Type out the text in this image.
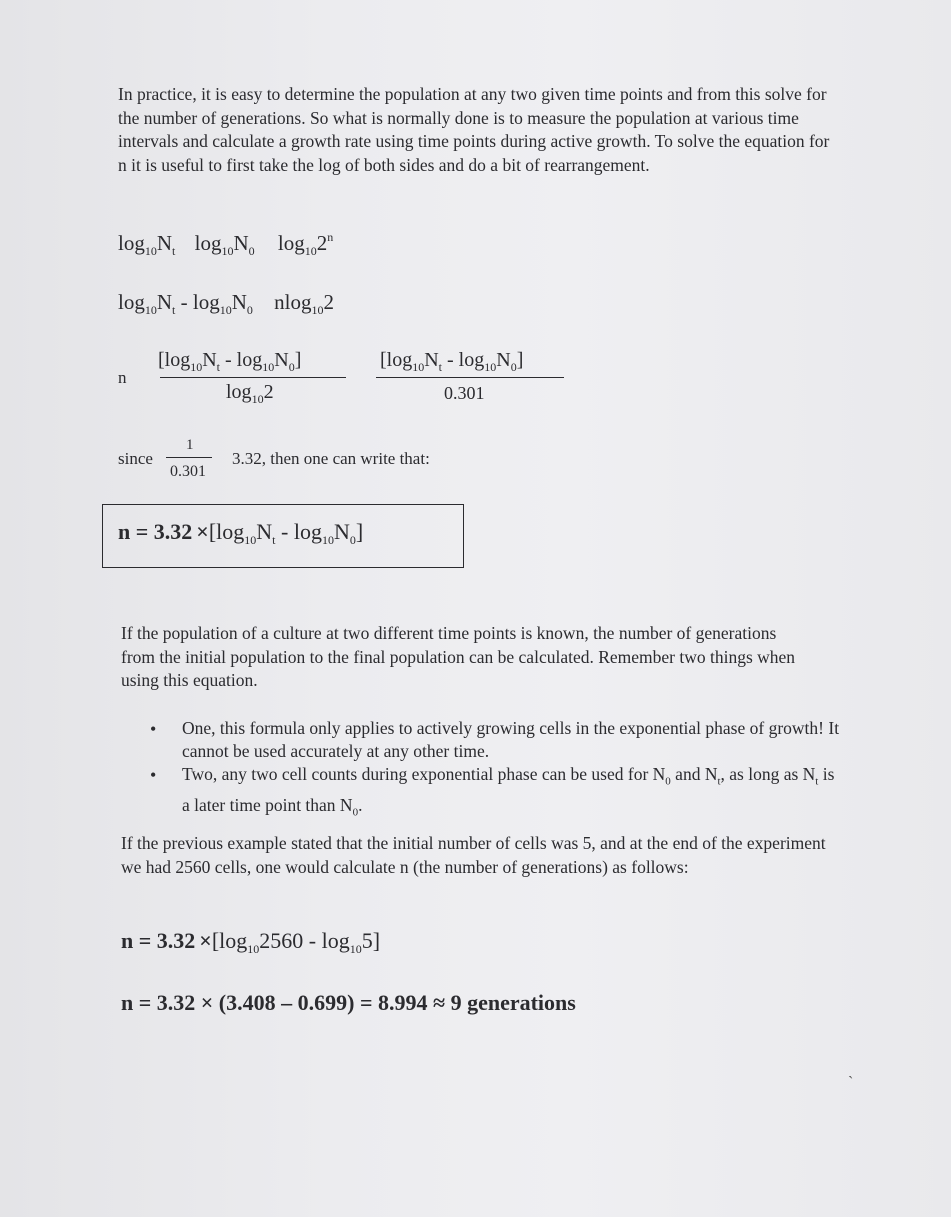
In practice, it is easy to determine the population at any two given time points and from this solve for the number of generations. So what is normally done is to measure the population at various time intervals and calculate a growth rate using time points during active growth. To solve the equation for n it is useful to first take the log of both sides and do a bit of rearrangement.
$\log_{10}N_t$ $\log_{10}N_0$ $\log_{10}2^n$
$\log_{10}N_t - \log_{10}N_0$ nlog$_{10}$2
n
$[\log_{10}N_t - \log_{10}N_0]$
$\log_{10}2$
$[\log_{10}N_t - \log_{10}N_0]$
0.301
since
1
0.301
3.32, then one can write that:
$n = 3.32 \times[\log_{10}N_t - \log_{10}N_0]$
If the population of a culture at two different time points is known, the number of generations from the initial population to the final population can be calculated. Remember two things when using this equation.
• One, this formula only applies to actively growing cells in the exponential phase of growth! It cannot be used accurately at any other time.
• Two, any two cell counts during exponential phase can be used for $N_0$ and $N_t$, as long as $N_t$ is a later time point than $N_0$.
If the previous example stated that the initial number of cells was 5, and at the end of the experiment we had 2560 cells, one would calculate n (the number of generations) as follows:
$n = 3.32 \times[\log_{10}2560 - \log_{10}5]$
n = 3.32 × (3.408 – 0.699) = 8.994 ≈ 9 generations
ˎ
